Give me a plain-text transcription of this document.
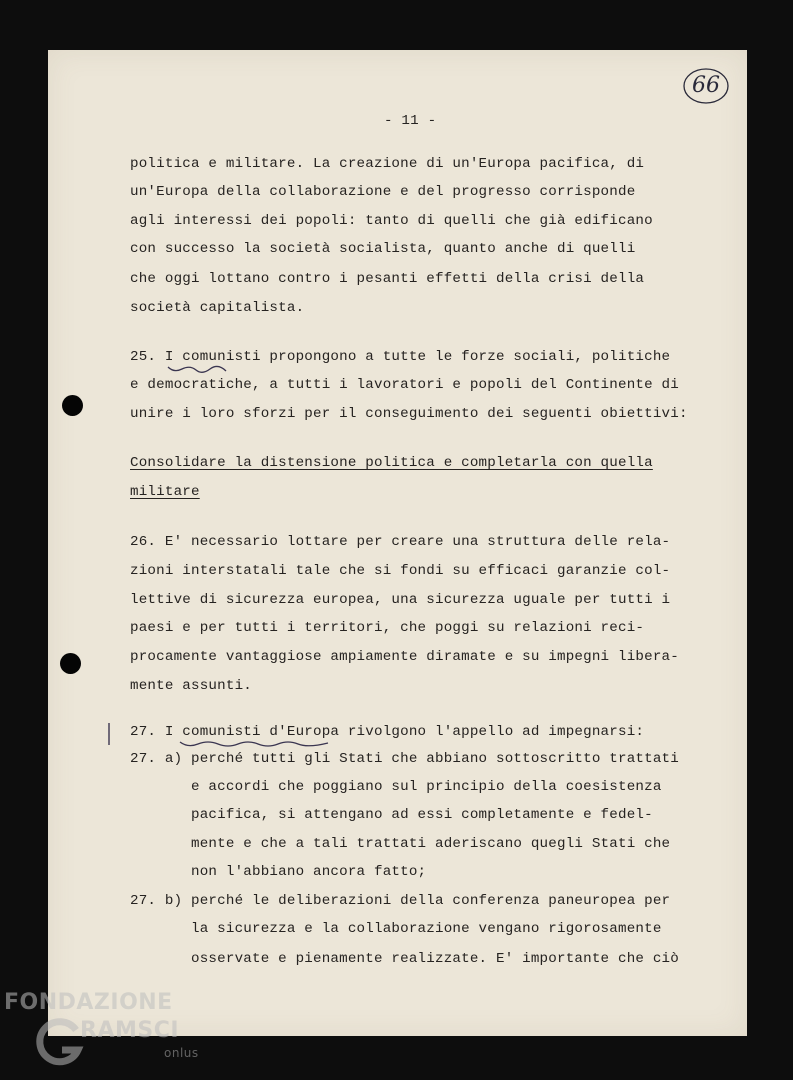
66
- 11 -
politica e militare. La creazione di un'Europa pacifica, di
un'Europa della collaborazione e del progresso corrisponde
agli interessi dei popoli: tanto di quelli che già edificano
con successo la società socialista, quanto anche di quelli
che oggi lottano contro i pesanti effetti della crisi della
società capitalista.
25. I comunisti propongono a tutte le forze sociali, politiche
e democratiche, a tutti i lavoratori e popoli del Continente di
unire i loro sforzi per il conseguimento dei seguenti obiettivi:
Consolidare la distensione politica e completarla con quella
militare
26. E' necessario lottare per creare una struttura delle rela-
zioni interstatali tale che si fondi su efficaci garanzie col-
lettive di sicurezza europea, una sicurezza uguale per tutti i
paesi e per tutti i territori, che poggi su relazioni reci-
procamente vantaggiose ampiamente diramate e su impegni libera-
mente assunti.
27. I comunisti d'Europa rivolgono l'appello ad impegnarsi:
27. a) perché tutti gli Stati che abbiano sottoscritto trattati
e accordi che poggiano sul principio della coesistenza
pacifica, si attengano ad essi completamente e fedel-
mente e che a tali trattati aderiscano quegli Stati che
non l'abbiano ancora fatto;
27. b) perché le deliberazioni della conferenza paneuropea per
la sicurezza e la collaborazione vengano rigorosamente
osservate e pienamente realizzate. E' importante che ciò
FONDAZIONE
RAMSCI
onlus
